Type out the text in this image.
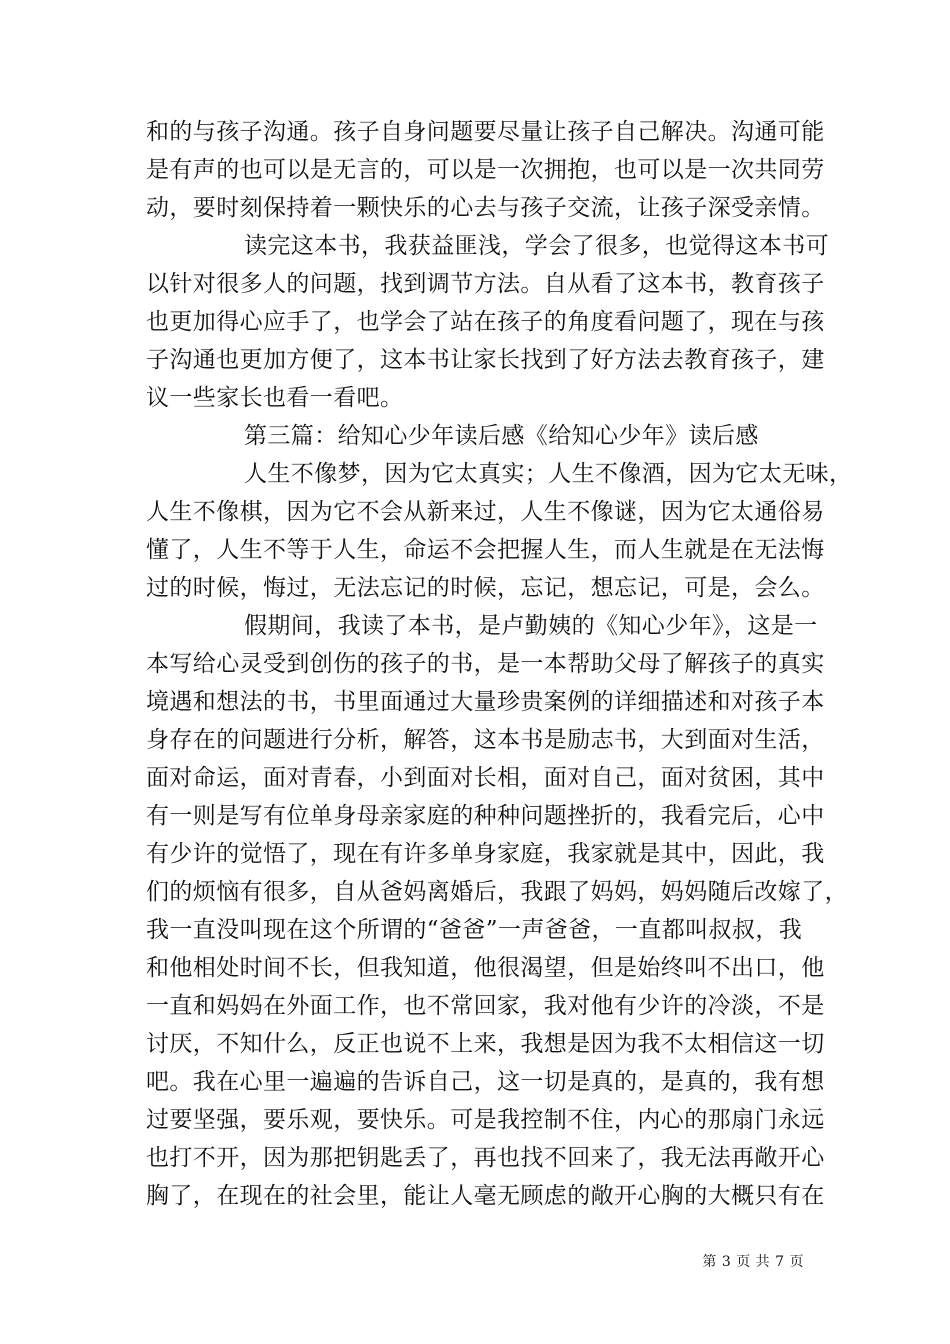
和的与孩子沟通。孩子自身问题要尽量让孩子自己解决。沟通可能
是有声的也可以是无言的，可以是一次拥抱，也可以是一次共同劳
动，要时刻保持着一颗快乐的心去与孩子交流，让孩子深受亲情。
读完这本书，我获益匪浅，学会了很多，也觉得这本书可
以针对很多人的问题，找到调节方法。自从看了这本书，教育孩子
也更加得心应手了，也学会了站在孩子的角度看问题了，现在与孩
子沟通也更加方便了，这本书让家长找到了好方法去教育孩子，建
议一些家长也看一看吧。
第三篇：给知心少年读后感《给知心少年》读后感
人生不像梦，因为它太真实；人生不像酒，因为它太无味，
人生不像棋，因为它不会从新来过，人生不像谜，因为它太通俗易
懂了，人生不等于人生，命运不会把握人生，而人生就是在无法悔
过的时候，悔过，无法忘记的时候，忘记，想忘记，可是，会么。
假期间，我读了本书，是卢勤姨的《知心少年》，这是一
本写给心灵受到创伤的孩子的书，是一本帮助父母了解孩子的真实
境遇和想法的书，书里面通过大量珍贵案例的详细描述和对孩子本
身存在的问题进行分析，解答，这本书是励志书，大到面对生活，
面对命运，面对青春，小到面对长相，面对自己，面对贫困，其中
有一则是写有位单身母亲家庭的种种问题挫折的，我看完后，心中
有少许的觉悟了，现在有许多单身家庭，我家就是其中，因此，我
们的烦恼有很多，自从爸妈离婚后，我跟了妈妈，妈妈随后改嫁了，
我一直没叫现在这个所谓的“爸爸”一声爸爸，一直都叫叔叔，我
和他相处时间不长，但我知道，他很渴望，但是始终叫不出口，他
一直和妈妈在外面工作，也不常回家，我对他有少许的冷淡，不是
讨厌，不知什么，反正也说不上来，我想是因为我不太相信这一切
吧。我在心里一遍遍的告诉自己，这一切是真的，是真的，我有想
过要坚强，要乐观，要快乐。可是我控制不住，内心的那扇门永远
也打不开，因为那把钥匙丢了，再也找不回来了，我无法再敞开心
胸了，在现在的社会里，能让人毫无顾虑的敞开心胸的大概只有在
第 3 页 共 7 页
